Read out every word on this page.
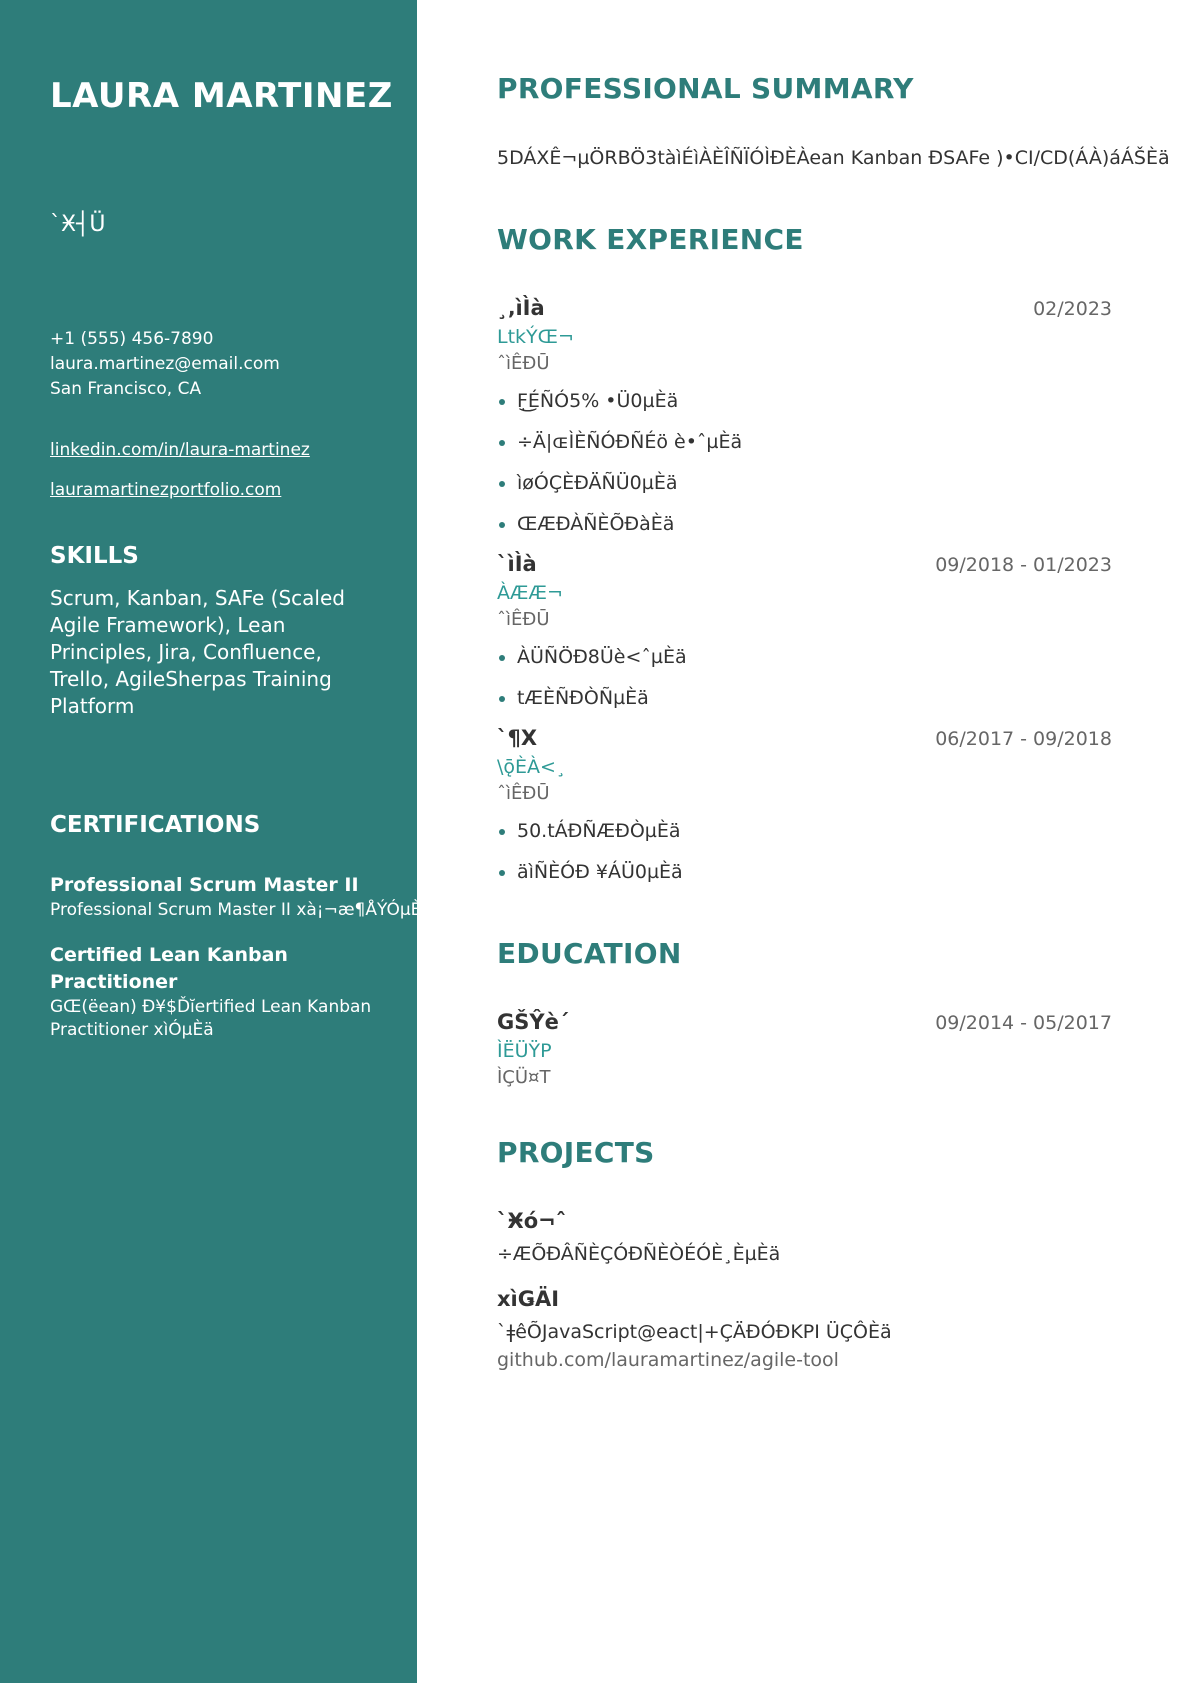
LAURA MARTINEZ
`Ӿ┤Ü
+1 (555) 456-7890
laura.martinez@email.com
San Francisco, CA
linkedin.com/in/laura-martinez
lauramartinezportfolio.com
SKILLS
Scrum, Kanban, SAFe (Scaled Agile Framework), Lean Principles, Jira, Confluence, Trello, AgileSherpas Training Platform
CERTIFICATIONS
Professional Scrum Master II
Professional Scrum Master II xà¡¬æ¶ÅÝÓµÈä
Certified Lean Kanban Practitioner
GŒ(ëean) Ð¥$Ďĭertified Lean Kanban Practitioner xìÓµÈä
PROFESSIONAL SUMMARY
5DÁXÊ¬µÖRBÖ3tàìÉìÀÈÎÑÏÓÌÐÈÀean Kanban ÐSAFe )•CI/CD(ÁÀ)áÁŠÈä
WORK EXPERIENCE
¸‚ìÌà	02/2023
LtkÝŒ¬
ˆìÊÐŪ
F͜͜ͅÉÑÓ5% •Ü0µÈä
÷Ä|ɶÌÈÑÓÐÑÉö è•ˆµÈä
ìøÓÇÈÐÄÑÜ0µÈä
ŒÆÐÀÑÈÕÐàÈä
`ìÌà	09/2018 - 01/2023
ÀÆÆ¬
ˆìÊÐŪ
ÀÜÑÖÐ8Üè<ˆµÈä
tÆÈÑÐÒÑµÈä
`¶X	06/2017 - 09/2018
\ǭÈÀ<¸
ˆìÊÐŪ
50.tÁÐÑÆÐÒµÈä
äìÑÈÓÐ ¥ÁÜ0µÈä
EDUCATION
GŠŶè´	09/2014 - 05/2017
ÌËÜŸP
ÌÇÜ¤T
PROJECTS
`Ӿó¬ˆ
÷ÆÕÐÂÑÈÇÓÐÑÈÒÉÓÈ¸ÈµÈä
xìǤÄI
`ǂêÕJavaScript@eact|+ÇÄÐÓÐKPI ÜÇÔÈä
github.com/lauramartinez/agile-tool
